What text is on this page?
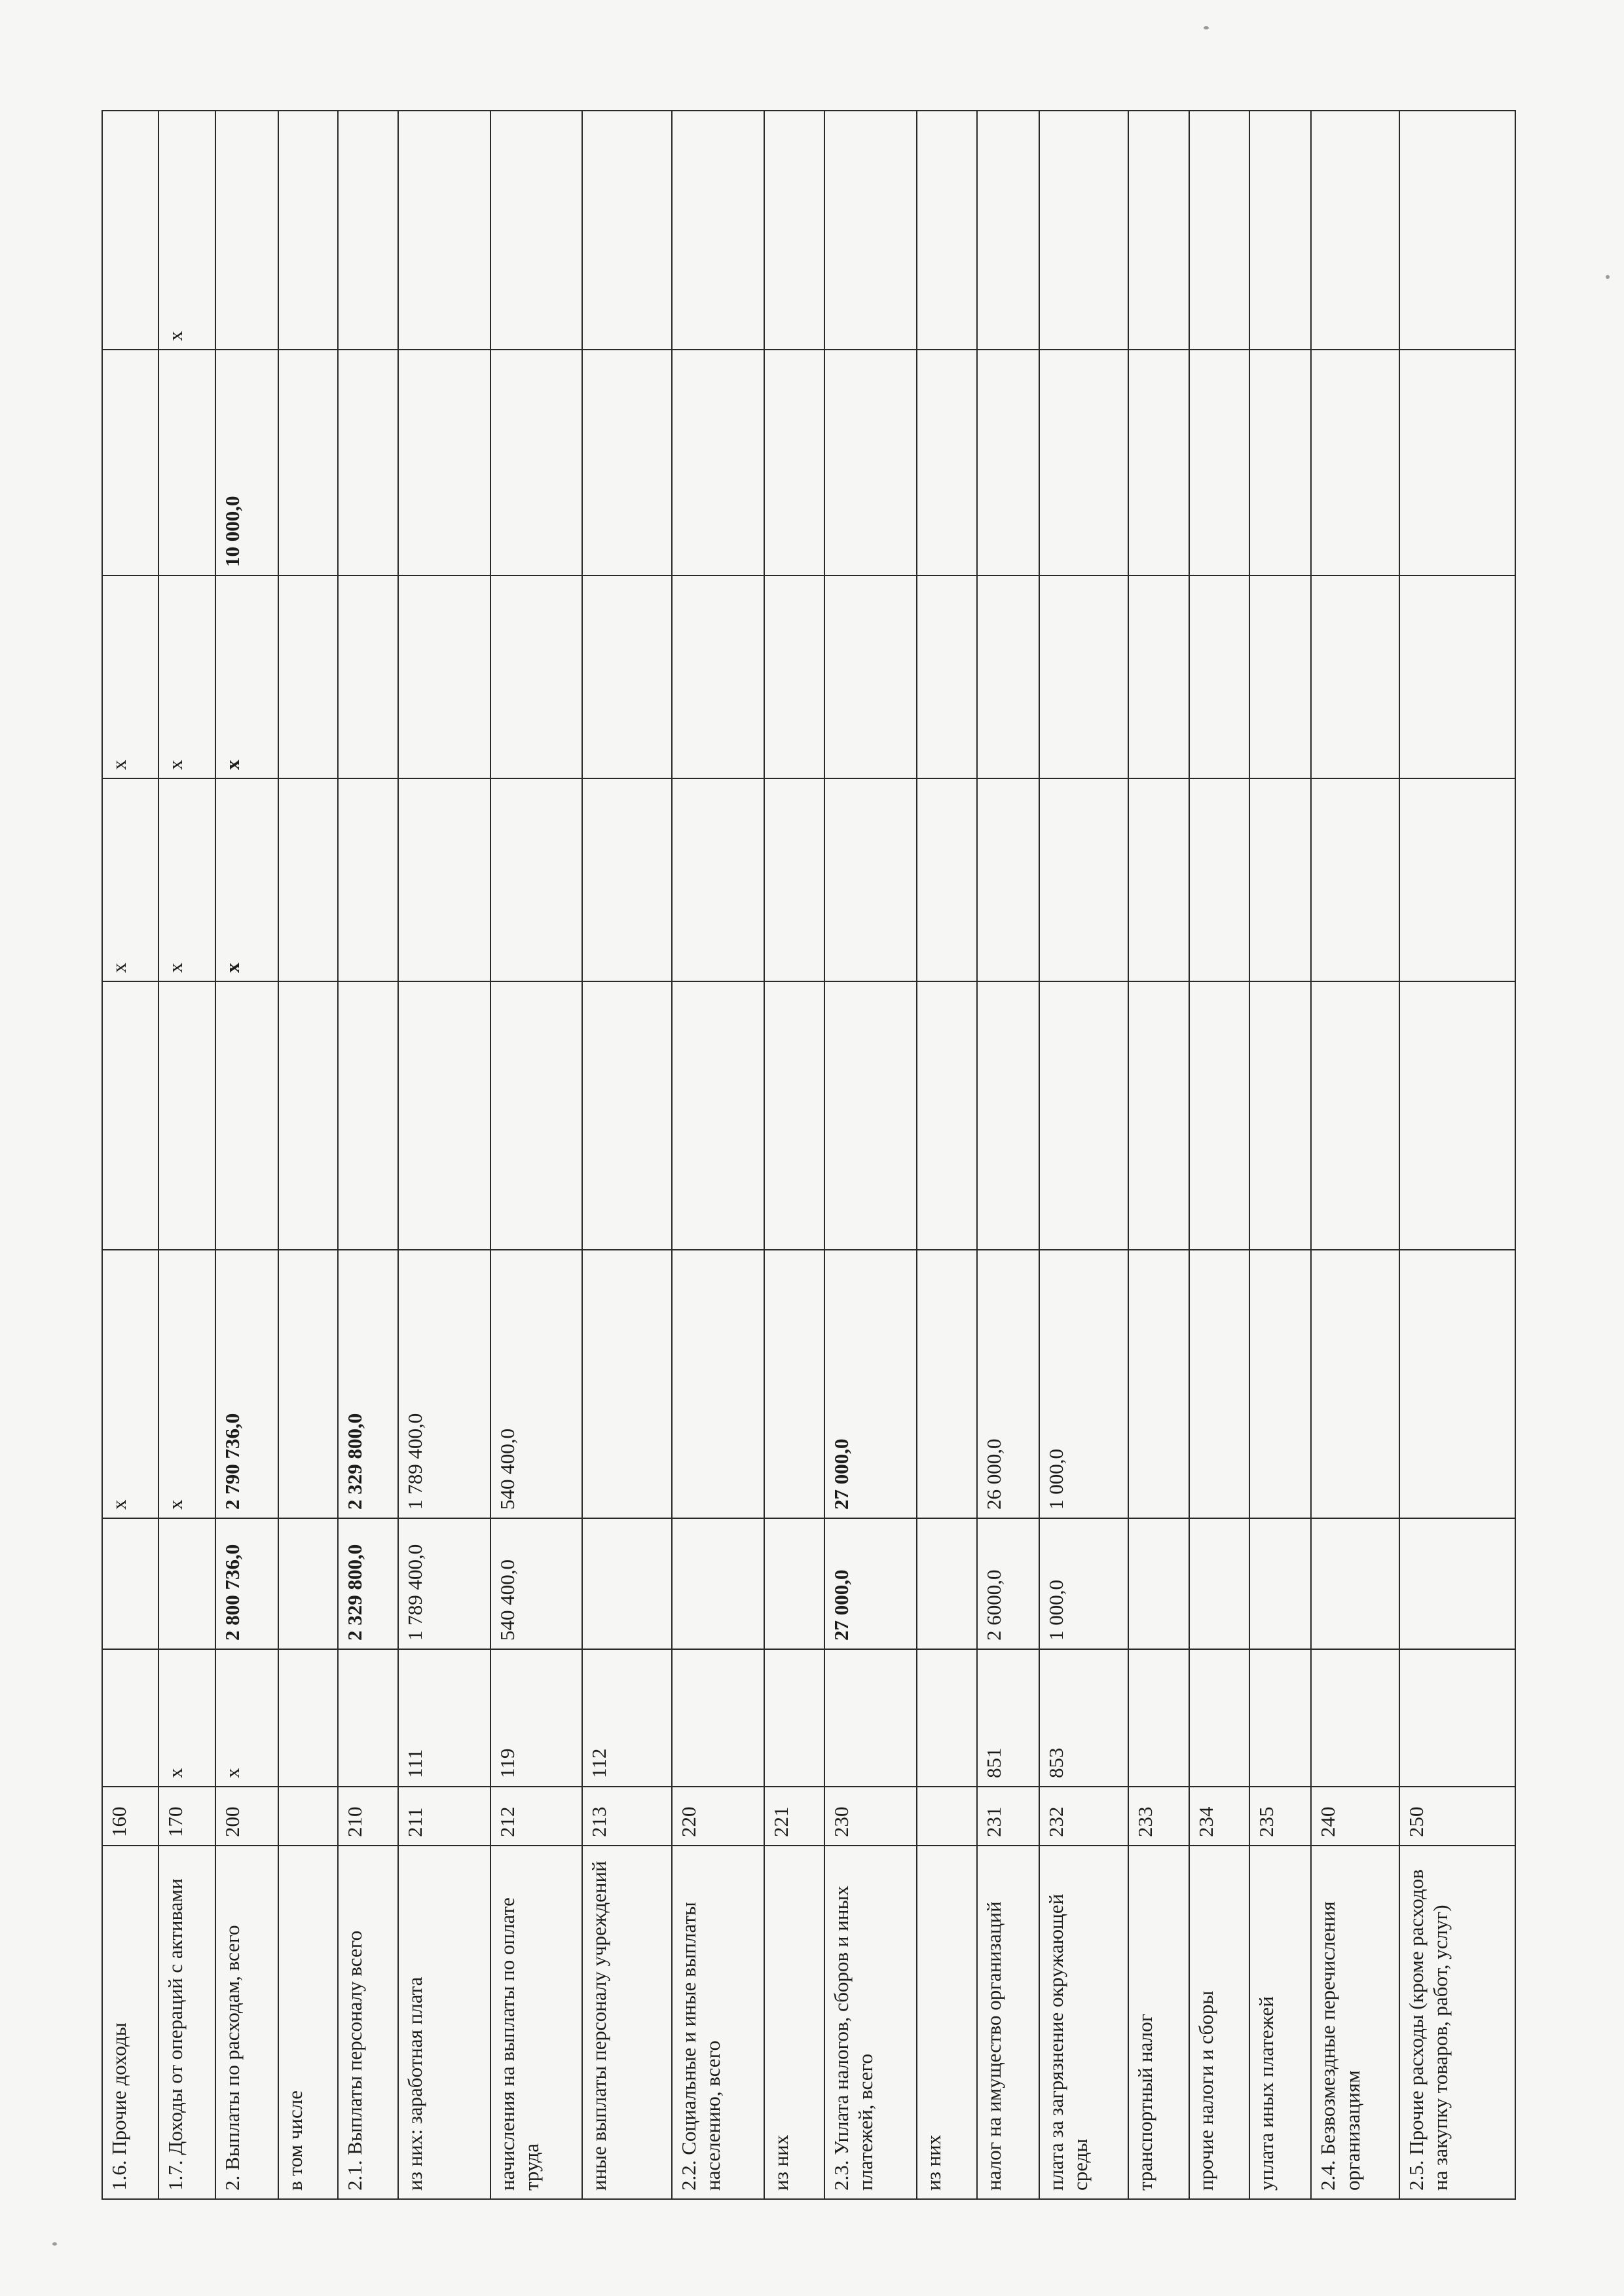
1.6. Прочие доходы	160			x		x	x		
1.7. Доходы от операций с активами	170	x		x		x	x		x
2. Выплаты по расходам, всего	200	x	2 800 736,0	2 790 736,0		x	x	10 000,0	
в том числе									
2.1. Выплаты персоналу всего	210		2 329 800,0	2 329 800,0					
из них: заработная плата	211	111	1 789 400,0	1 789 400,0					
начисления на выплаты по оплате труда	212	119	540 400,0	540 400,0					
иные выплаты персоналу учреждений	213	112							
2.2. Социальные и иные выплаты населению, всего	220								
из них	221								
2.3. Уплата налогов, сборов и иных платежей, всего	230		27 000,0	27 000,0					
из них									
налог на имущество организаций	231	851	2 6000,0	26 000,0					
плата за загрязнение окружающей среды	232	853	1 000,0	1 000,0					
транспортный налог	233								
прочие налоги и сборы	234								
уплата иных платежей	235								
2.4. Безвозмездные перечисления организациям	240								
2.5. Прочие расходы (кроме расходов на закупку товаров, работ, услуг)	250								
